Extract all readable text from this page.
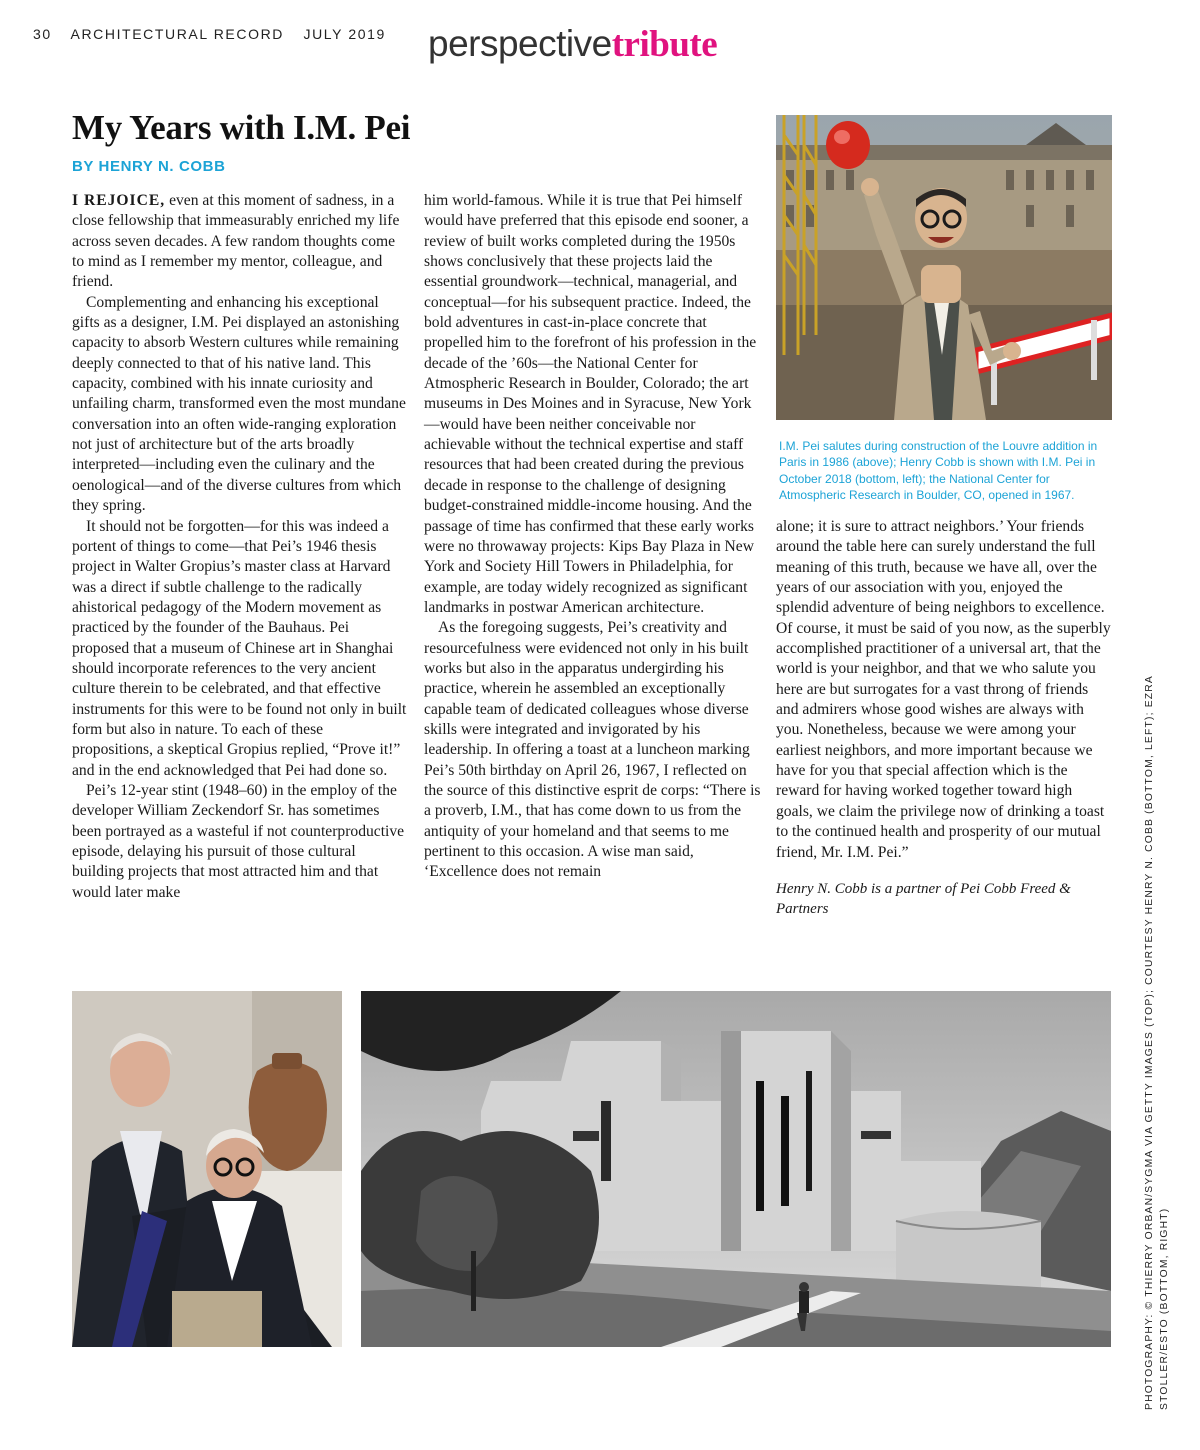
30 ARCHITECTURAL RECORD JULY 2019	perspectivetribute
My Years with I.M. Pei
BY HENRY N. COBB

I REJOICE, even at this moment of sadness, in a close fellowship that immeasurably enriched my life across seven decades. A few random thoughts come to mind as I remember my mentor, colleague, and friend.

Complementing and enhancing his exceptional gifts as a designer, I.M. Pei displayed an astonishing capacity to absorb Western cultures while remaining deeply connected to that of his native land. This capacity, combined with his innate curiosity and unfailing charm, transformed even the most mundane conversation into an often wide-ranging exploration not just of architecture but of the arts broadly interpreted—including even the culinary and the oenological—and of the diverse cultures from which they spring.

It should not be forgotten—for this was indeed a portent of things to come—that Pei’s 1946 thesis project in Walter Gropius’s master class at Harvard was a direct if subtle challenge to the radically ahistorical pedagogy of the Modern movement as practiced by the founder of the Bauhaus. Pei proposed that a museum of Chinese art in Shanghai should incorporate references to the very ancient culture therein to be celebrated, and that effective instruments for this were to be found not only in built form but also in nature. To each of these propositions, a skeptical Gropius replied, “Prove it!” and in the end acknowledged that Pei had done so.

Pei’s 12-year stint (1948–60) in the employ of the developer William Zeckendorf Sr. has sometimes been portrayed as a wasteful if not counterproductive episode, delaying his pursuit of those cultural building projects that most attracted him and that would later make

him world-famous. While it is true that Pei himself would have preferred that this episode end sooner, a review of built works completed during the 1950s shows conclusively that these projects laid the essential groundwork—technical, managerial, and conceptual—for his subsequent practice. Indeed, the bold adventures in cast-in-place concrete that propelled him to the forefront of his profession in the decade of the ’60s—the National Center for Atmospheric Research in Boulder, Colorado; the art museums in Des Moines and in Syracuse, New York—would have been neither conceivable nor achievable without the technical expertise and staff resources that had been created during the previous decade in response to the challenge of designing budget-constrained middle-income housing. And the passage of time has confirmed that these early works were no throwaway projects: Kips Bay Plaza in New York and Society Hill Towers in Philadelphia, for example, are today widely recognized as significant landmarks in postwar American architecture.

As the foregoing suggests, Pei’s creativity and resourcefulness were evidenced not only in his built works but also in the apparatus undergirding his practice, wherein he assembled an exceptionally capable team of dedicated colleagues whose diverse skills were integrated and invigorated by his leadership. In offering a toast at a luncheon marking Pei’s 50th birthday on April 26, 1967, I reflected on the source of this distinctive esprit de corps: “There is a proverb, I.M., that has come down to us from the antiquity of your homeland and that seems to me pertinent to this occasion. A wise man said, ‘Excellence does not remain

alone; it is sure to attract neighbors.’ Your friends around the table here can surely understand the full meaning of this truth, because we have all, over the years of our association with you, enjoyed the splendid adventure of being neighbors to excellence. Of course, it must be said of you now, as the superbly accomplished practitioner of a universal art, that the world is your neighbor, and that we who salute you here are but surrogates for a vast throng of friends and admirers whose good wishes are always with you. Nonetheless, because we were among your earliest neighbors, and more important because we have for you that special affection which is the reward for having worked together toward high goals, we claim the privilege now of drinking a toast to the continued health and prosperity of our mutual friend, Mr. I.M. Pei.”

Henry N. Cobb is a partner of Pei Cobb Freed & Partners

I.M. Pei salutes during construction of the Louvre addition in Paris in 1986 (above); Henry Cobb is shown with I.M. Pei in October 2018 (bottom, left); the National Center for Atmospheric Research in Boulder, CO, opened in 1967.
PHOTOGRAPHY: © THIERRY ORBAN/SYGMA VIA GETTY IMAGES (TOP); COURTESY HENRY N. COBB (BOTTOM, LEFT); EZRA STOLLER/ESTO (BOTTOM, RIGHT)
